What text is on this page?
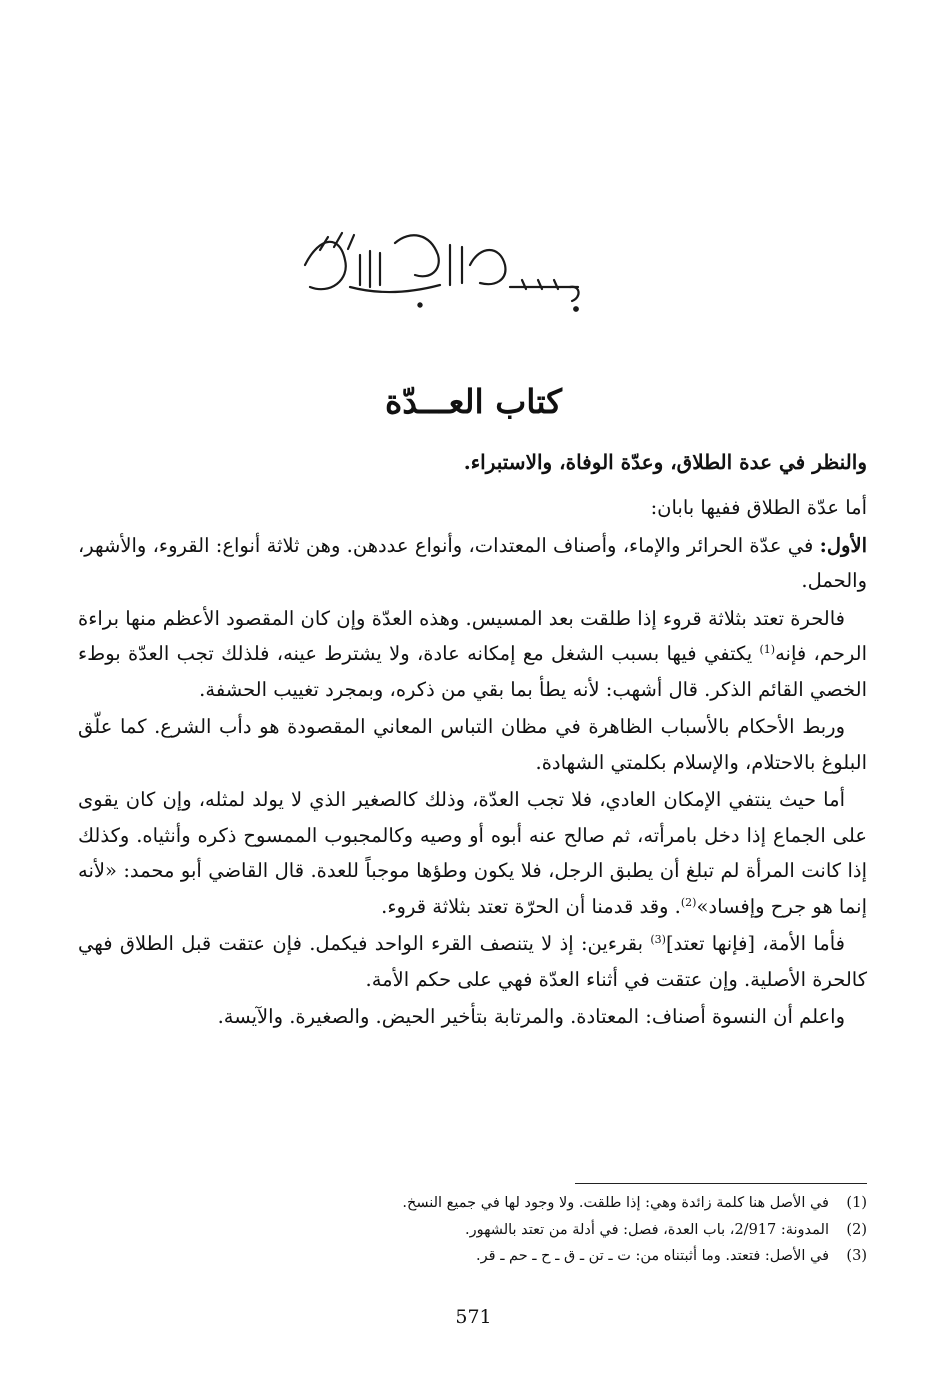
كتاب العـــدّة
والنظر في عدة الطلاق، وعدّة الوفاة، والاستبراء.

أما عدّة الطلاق ففيها بابان:

الأول: في عدّة الحرائر والإماء، وأصناف المعتدات، وأنواع عددهن. وهن ثلاثة أنواع: القروء، والأشهر، والحمل.

فالحرة تعتد بثلاثة قروء إذا طلقت بعد المسيس. وهذه العدّة وإن كان المقصود الأعظم منها براءة الرحم، فإنه$^{(1)}$ يكتفي فيها بسبب الشغل مع إمكانه عادة، ولا يشترط عينه، فلذلك تجب العدّة بوطء الخصي القائم الذكر. قال أشهب: لأنه يطأ بما بقي من ذكره، وبمجرد تغييب الحشفة.

وربط الأحكام بالأسباب الظاهرة في مظان التباس المعاني المقصودة هو دأب الشرع. كما علّق البلوغ بالاحتلام، والإسلام بكلمتي الشهادة.

أما حيث ينتفي الإمكان العادي، فلا تجب العدّة، وذلك كالصغير الذي لا يولد لمثله، وإن كان يقوى على الجماع إذا دخل بامرأته، ثم صالح عنه أبوه أو وصيه وكالمجبوب الممسوح ذكره وأنثياه. وكذلك إذا كانت المرأة لم تبلغ أن يطبق الرجل، فلا يكون وطؤها موجباً للعدة. قال القاضي أبو محمد: «لأنه إنما هو جرح وإفساد»$^{(2)}$. وقد قدمنا أن الحرّة تعتد بثلاثة قروء.

فأما الأمة، [فإنها تعتد]$^{(3)}$ بقرءين: إذ لا يتنصف القرء الواحد فيكمل. فإن عتقت قبل الطلاق فهي كالحرة الأصلية. وإن عتقت في أثناء العدّة فهي على حكم الأمة.

واعلم أن النسوة أصناف: المعتادة. والمرتابة بتأخير الحيض. والصغيرة. والآيسة.

(1)
في الأصل هنا كلمة زائدة وهي: إذا طلقت. ولا وجود لها في جميع النسخ.
(2)
المدونة: 2/917، باب العدة، فصل: في أدلة من تعتد بالشهور.
(3)
في الأصل: فتعتد. وما أثبتناه من: ت ـ تن ـ ق ـ ح ـ حم ـ قر.
571
